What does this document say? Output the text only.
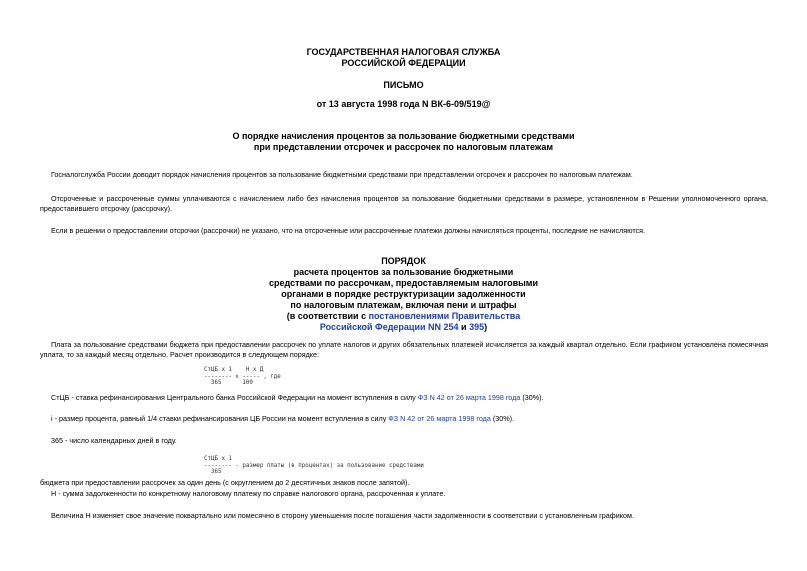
ГОСУДАРСТВЕННАЯ НАЛОГОВАЯ СЛУЖБА
РОССИЙСКОЙ ФЕДЕРАЦИИ
ПИСЬМО
от 13 августа 1998 года N ВК-6-09/519@
О порядке начисления процентов за пользование бюджетными средствами
при представлении отсрочек и рассрочек по налоговым платежам
Госналогслужба России доводит порядок начисления процентов за пользование бюджетными средствами при представлении отсрочек и рассрочек по налоговым платежам.
Отсроченные и рассроченные суммы уплачиваются с начислением либо без начисления процентов за пользование бюджетными средствами в размере, установленном в Решении уполномоченного органа, предоставившего отсрочку (рассрочку).
Если в решении о предоставлении отсрочки (рассрочки) не указано, что на отсроченные или рассроченные платежи должны начисляться проценты, последние не начисляются.
ПОРЯДОК
расчета процентов за пользование бюджетными
средствами по рассрочкам, предоставляемым налоговыми
органами в порядке реструктуризации задолженности
по налоговым платежам, включая пени и штрафы
(в соответствии с постановлениями Правительства
Российской Федерации NN 254 и 395)
Плата за пользование средствами бюджета при предоставлении рассрочек по уплате налогов и других обязательных платежей исчисляется за каждый квартал отдельно. Если графиком установлена помесячная уплата, то за каждый месяц отдельно. Расчет производится в следующем порядке:
СтЦБ х 1    Н х Д
-------- х ----- , где
365      100
СтЦБ - ставка рефинансирования Центрального банка Российской Федерации на момент вступления в силу ФЗ N 42 от 26 марта 1998 года (30%).
i - размер процента, равный 1/4 ставки рефинансирования ЦБ России на момент вступления в силу ФЗ N 42 от 26 марта 1998 года (30%).
365 - число календарных дней в году.
СтЦБ х 1
-------- - размер платы (в процентах) за пользование средствами
365
бюджета при предоставлении рассрочек за один день (с округлением до 2 десятичных знаков после запятой).
Н - сумма задолженности по конкретному налоговому платежу по справке налогового органа, рассроченная к уплате.
Величина Н изменяет свое значение поквартально или помесячно в сторону уменьшения после погашения части задолженности в соответствии с установленным графиком.
